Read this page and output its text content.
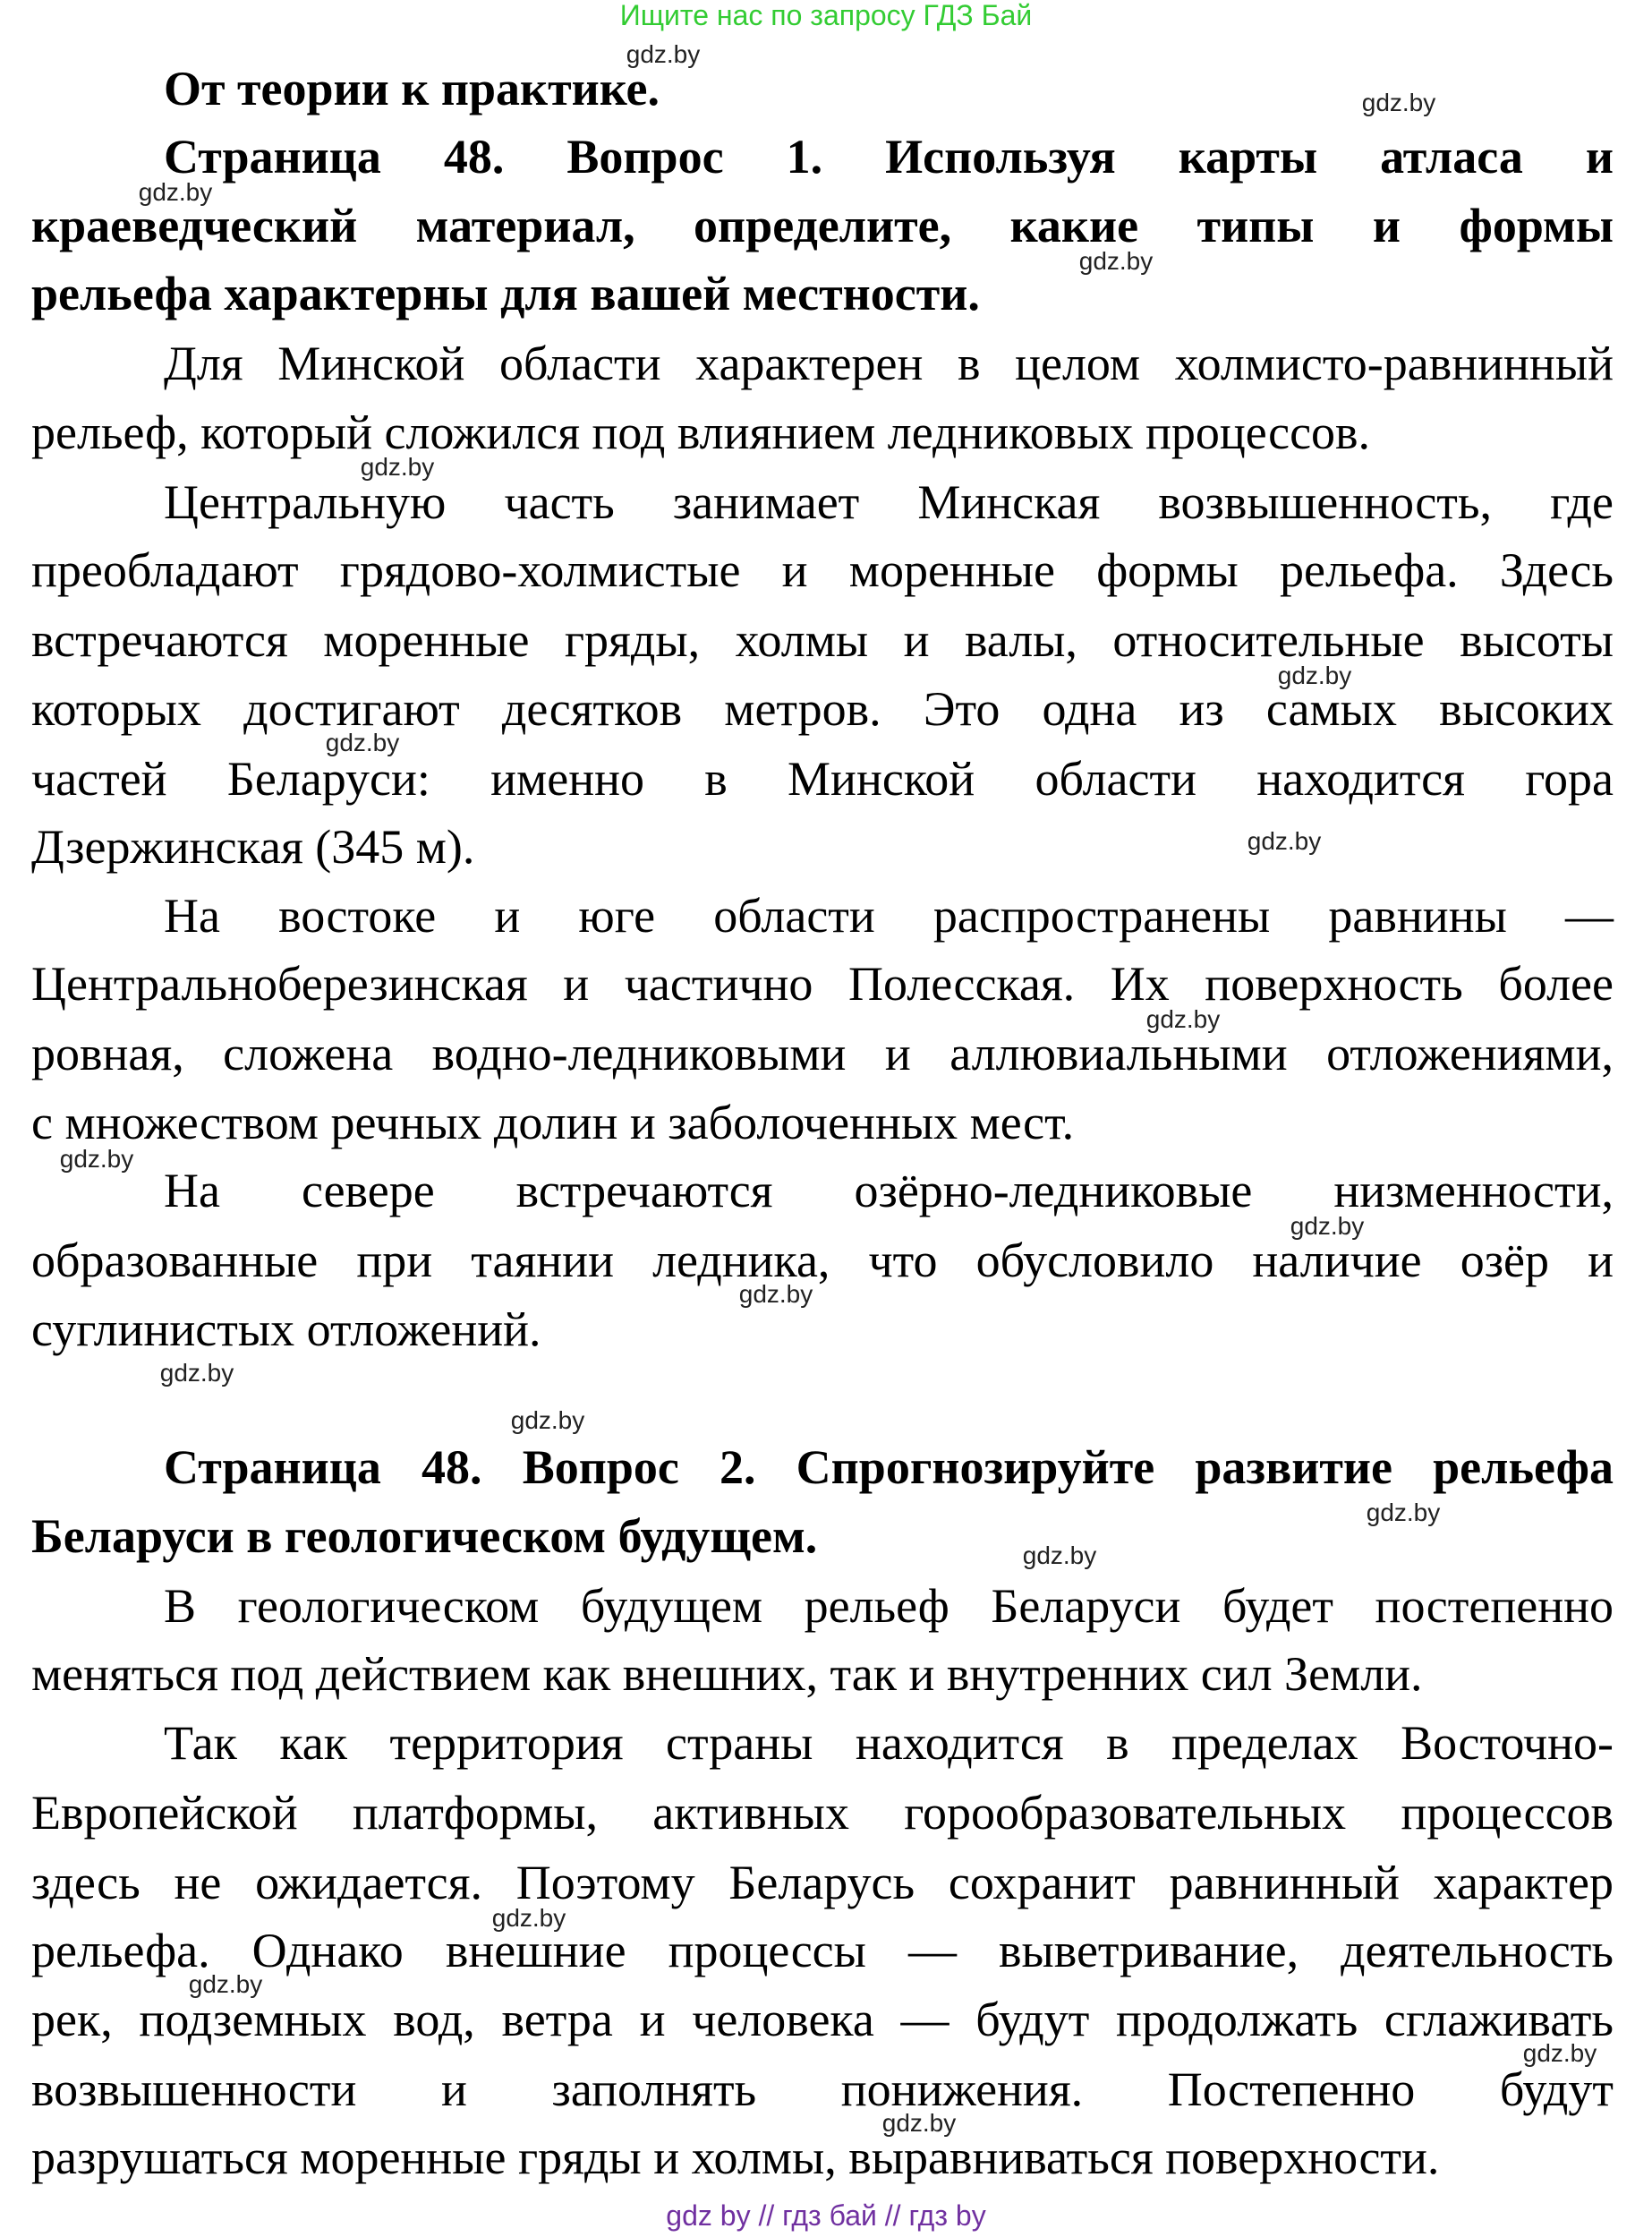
Ищите нас по запросу ГДЗ Бай
От теории к практике.
Страница 48. Вопрос 1. Используя карты атласа и
краеведческий материал, определите, какие типы и формы
рельефа характерны для вашей местности.
Для Минской области характерен в целом холмисто-равнинный
рельеф, который сложился под влиянием ледниковых процессов.
Центральную часть занимает Минская возвышенность, где
преобладают грядово-холмистые и моренные формы рельефа. Здесь
встречаются моренные гряды, холмы и валы, относительные высоты
которых достигают десятков метров. Это одна из самых высоких
частей Беларуси: именно в Минской области находится гора
Дзержинская (345 м).
На востоке и юге области распространены равнины —
Центральноберезинская и частично Полесская. Их поверхность более
ровная, сложена водно-ледниковыми и аллювиальными отложениями,
с множеством речных долин и заболоченных мест.
На севере встречаются озёрно-ледниковые низменности,
образованные при таянии ледника, что обусловило наличие озёр и
суглинистых отложений.
Страница 48. Вопрос 2. Спрогнозируйте развитие рельефа
Беларуси в геологическом будущем.
В геологическом будущем рельеф Беларуси будет постепенно
меняться под действием как внешних, так и внутренних сил Земли.
Так как территория страны находится в пределах Восточно-
Европейской платформы, активных горообразовательных процессов
здесь не ожидается. Поэтому Беларусь сохранит равнинный характер
рельефа. Однако внешние процессы — выветривание, деятельность
рек, подземных вод, ветра и человека — будут продолжать сглаживать
возвышенности и заполнять понижения. Постепенно будут
разрушаться моренные гряды и холмы, выравниваться поверхности.
gdz.by
gdz.by
gdz.by
gdz.by
gdz.by
gdz.by
gdz.by
gdz.by
gdz.by
gdz.by
gdz.by
gdz.by
gdz.by
gdz.by
gdz.by
gdz.by
gdz.by
gdz.by
gdz.by
gdz.by
gdz by // гдз бай // гдз by
